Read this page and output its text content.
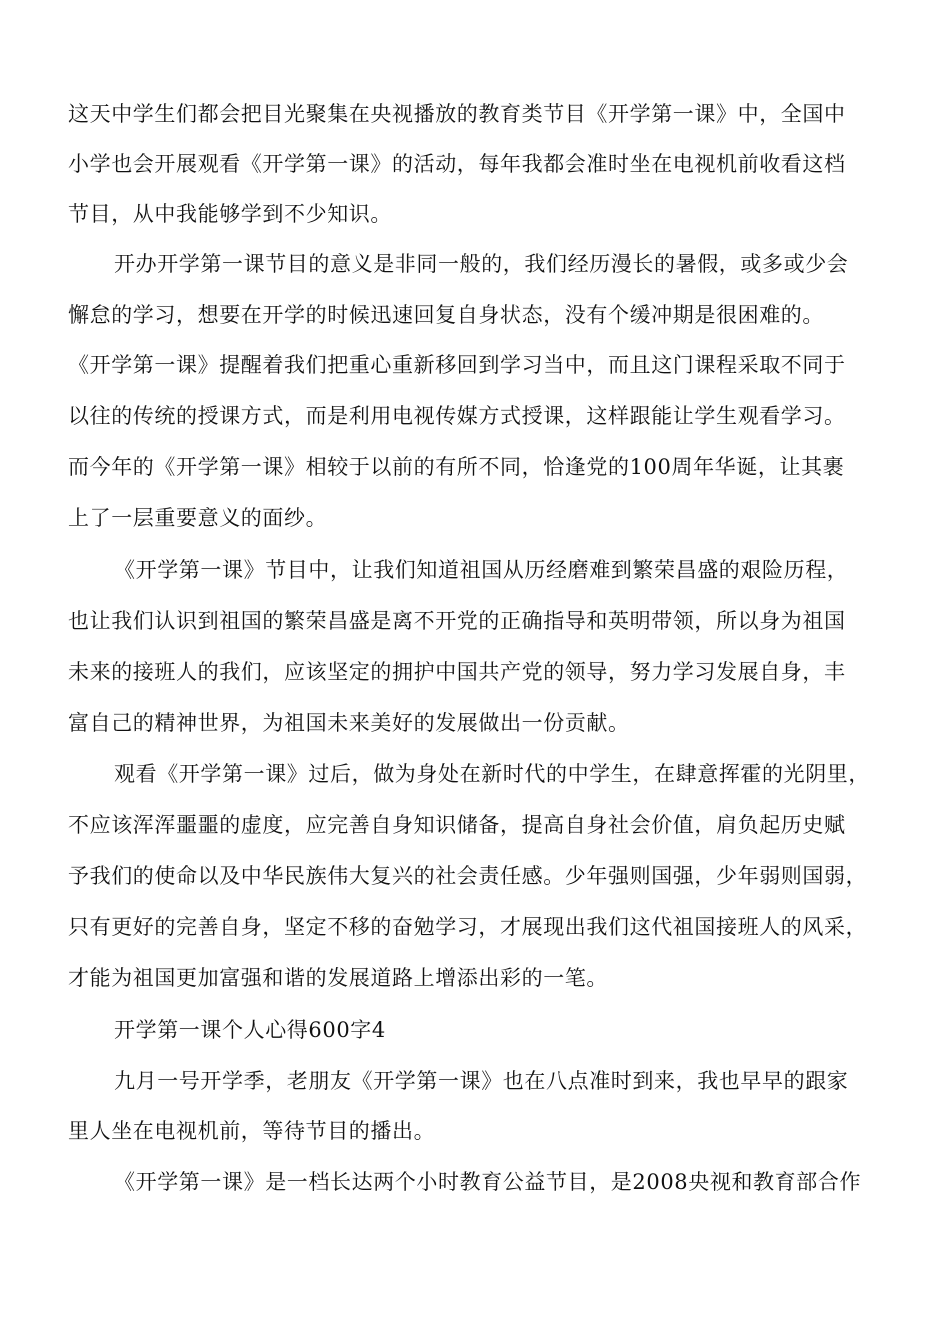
这天中学生们都会把目光聚集在央视播放的教育类节目《开学第一课》中，全国中
小学也会开展观看《开学第一课》的活动，每年我都会准时坐在电视机前收看这档
节目，从中我能够学到不少知识。
开办开学第一课节目的意义是非同一般的，我们经历漫长的暑假，或多或少会
懈怠的学习，想要在开学的时候迅速回复自身状态，没有个缓冲期是很困难的。
《开学第一课》提醒着我们把重心重新移回到学习当中，而且这门课程采取不同于
以往的传统的授课方式，而是利用电视传媒方式授课，这样跟能让学生观看学习。
而今年的《开学第一课》相较于以前的有所不同，恰逢党的100周年华诞，让其裹
上了一层重要意义的面纱。
《开学第一课》节目中，让我们知道祖国从历经磨难到繁荣昌盛的艰险历程，
也让我们认识到祖国的繁荣昌盛是离不开党的正确指导和英明带领，所以身为祖国
未来的接班人的我们，应该坚定的拥护中国共产党的领导，努力学习发展自身，丰
富自己的精神世界，为祖国未来美好的发展做出一份贡献。
观看《开学第一课》过后，做为身处在新时代的中学生，在肆意挥霍的光阴里，
不应该浑浑噩噩的虚度，应完善自身知识储备，提高自身社会价值，肩负起历史赋
予我们的使命以及中华民族伟大复兴的社会责任感。少年强则国强，少年弱则国弱，
只有更好的完善自身，坚定不移的奋勉学习，才展现出我们这代祖国接班人的风采，
才能为祖国更加富强和谐的发展道路上增添出彩的一笔。
开学第一课个人心得600字4
九月一号开学季，老朋友《开学第一课》也在八点准时到来，我也早早的跟家
里人坐在电视机前，等待节目的播出。
《开学第一课》是一档长达两个小时教育公益节目，是2008央视和教育部合作
